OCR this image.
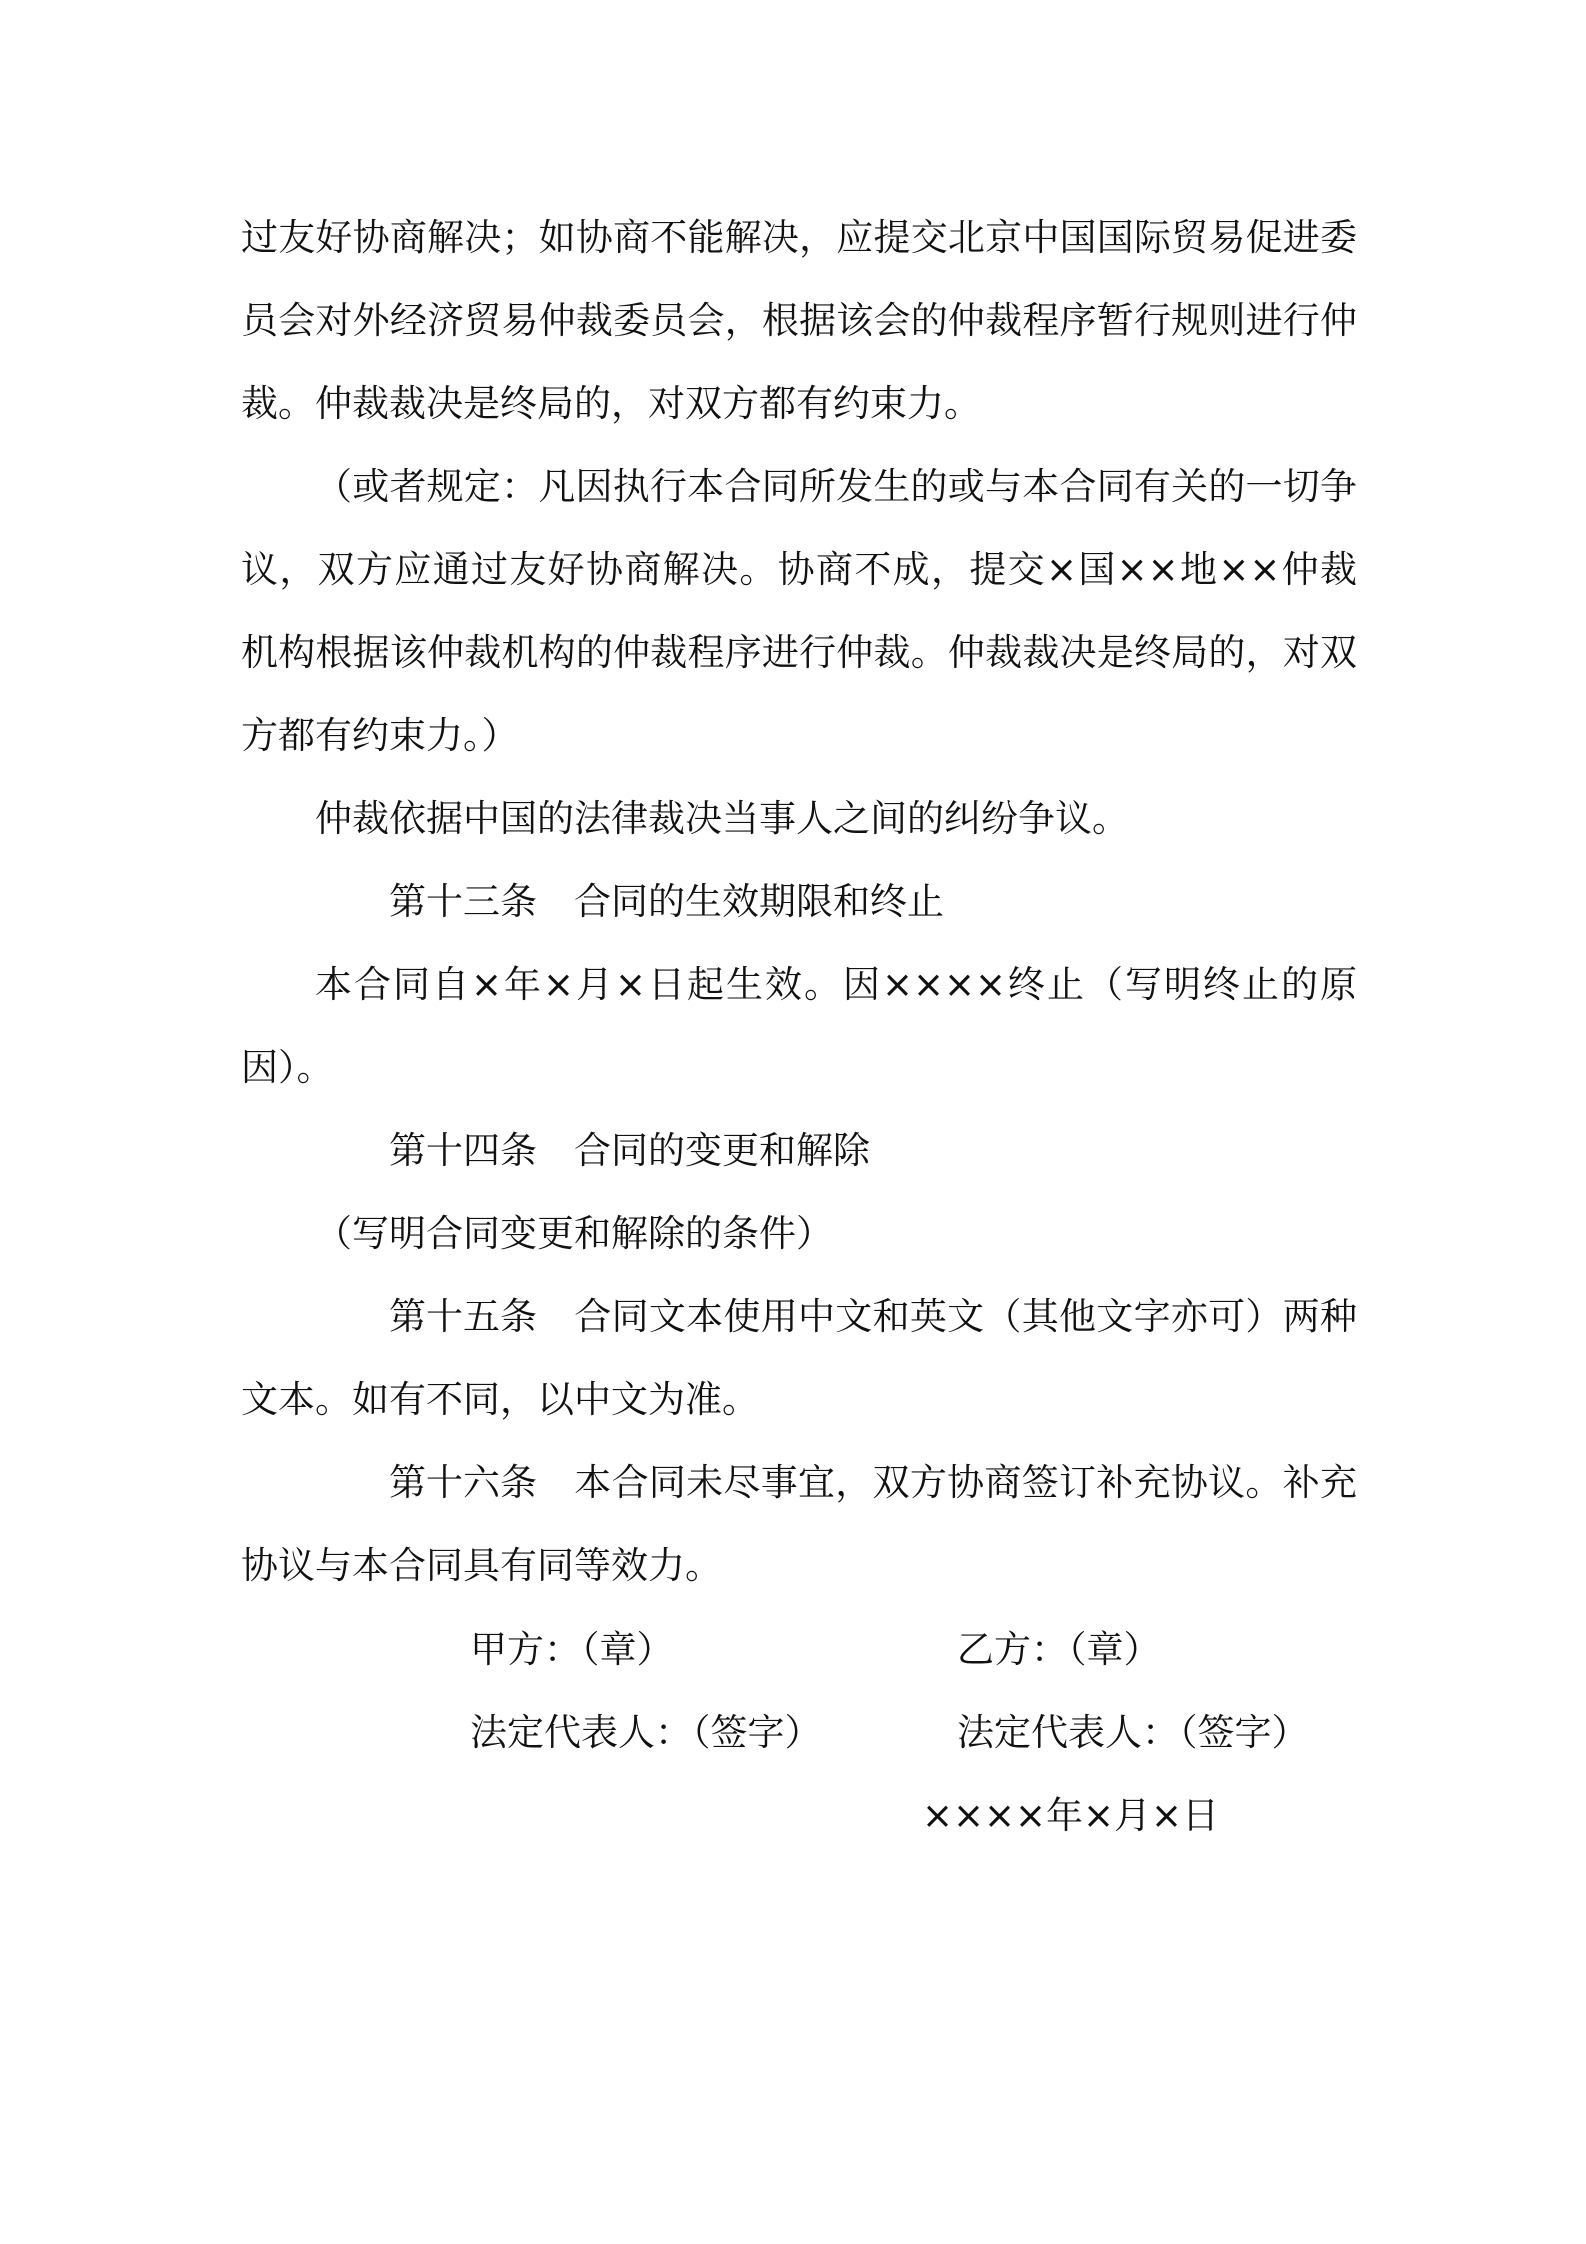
过友好协商解决；如协商不能解决，应提交北京中国国际贸易促进委员会对外经济贸易仲裁委员会，根据该会的仲裁程序暂行规则进行仲裁。仲裁裁决是终局的，对双方都有约束力。

（或者规定：凡因执行本合同所发生的或与本合同有关的一切争议，双方应通过友好协商解决。协商不成，提交×国××地××仲裁机构根据该仲裁机构的仲裁程序进行仲裁。仲裁裁决是终局的，对双方都有约束力。）

仲裁依据中国的法律裁决当事人之间的纠纷争议。

第十三条 合同的生效期限和终止

本合同自×年×月×日起生效。因××××终止（写明终止的原因）。

第十四条 合同的变更和解除

（写明合同变更和解除的条件）

第十五条 合同文本使用中文和英文（其他文字亦可）两种文本。如有不同，以中文为准。

第十六条 本合同未尽事宜，双方协商签订补充协议。补充协议与本合同具有同等效力。

甲方：（章）	乙方：（章）
法定代表人：（签字）	法定代表人：（签字）
××××年×月×日
